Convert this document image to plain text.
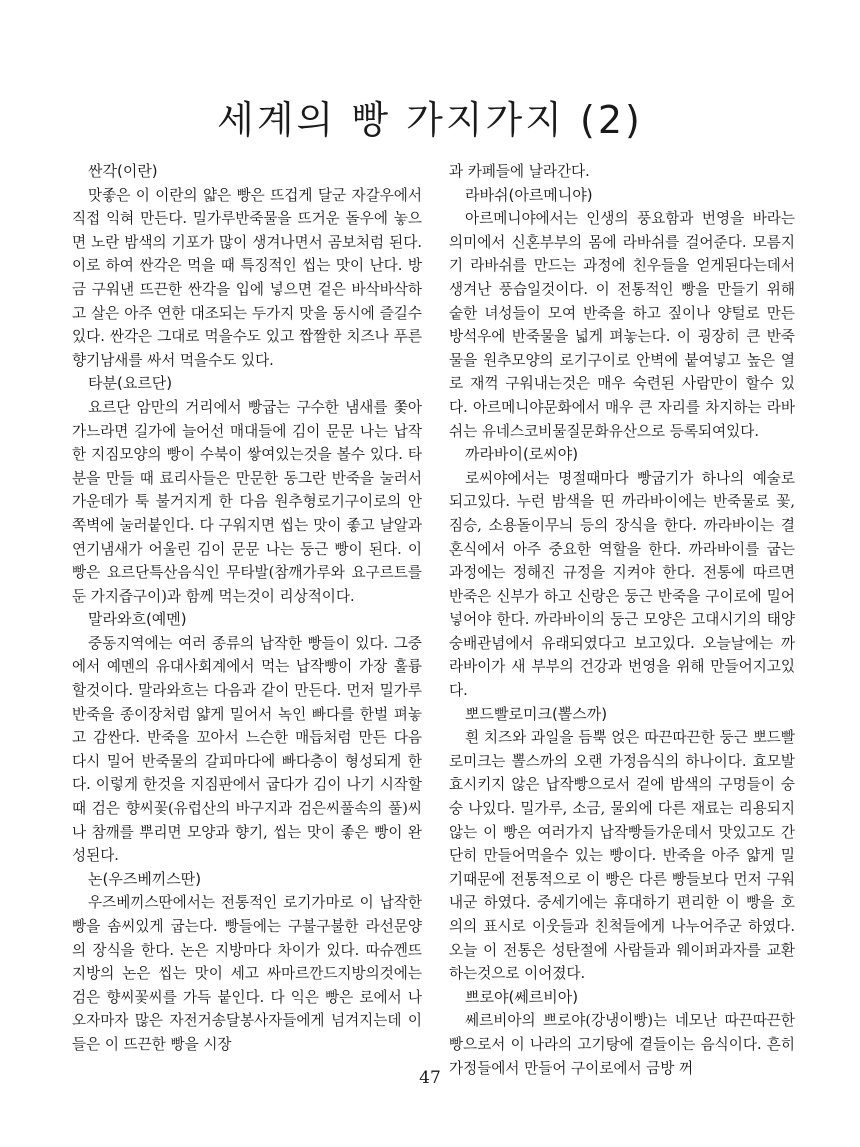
세계의 빵 가지가지 (2)
싼각(이란)

맛좋은 이 이란의 얇은 빵은 뜨겁게 달군 자갈우에서 직접 익혀 만든다. 밀가루반죽물을 뜨거운 돌우에 놓으면 노란 밤색의 기포가 많이 생겨나면서 곰보처럼 된다. 이로 하여 싼각은 먹을 때 특징적인 씹는 맛이 난다. 방금 구워낸 뜨끈한 싼각을 입에 넣으면 겉은 바삭바삭하고 살은 아주 연한 대조되는 두가지 맛을 동시에 즐길수 있다. 싼각은 그대로 먹을수도 있고 짭짤한 치즈나 푸른 향기남새를 싸서 먹을수도 있다.

타분(요르단)

요르단 암만의 거리에서 빵굽는 구수한 냄새를 쫓아가느라면 길가에 늘어선 매대들에 김이 문문 나는 납작한 지짐모양의 빵이 수북이 쌓여있는것을 볼수 있다. 타분을 만들 때 료리사들은 만문한 동그란 반죽을 눌러서 가운데가 툭 불거지게 한 다음 원추형로기구이로의 안쪽벽에 눌러붙인다. 다 구워지면 씹는 맛이 좋고 날알과 연기냄새가 어울린 김이 문문 나는 둥근 빵이 된다. 이 빵은 요르단특산음식인 무타발(참깨가루와 요구르트를 둔 가지즙구이)과 함께 먹는것이 리상적이다.

말라와흐(예멘)

중동지역에는 여러 종류의 납작한 빵들이 있다. 그중에서 예멘의 유대사회계에서 먹는 납작빵이 가장 훌륭할것이다. 말라와흐는 다음과 같이 만든다. 먼저 밀가루반죽을 종이장처럼 얇게 밀어서 녹인 빠다를 한벌 펴놓고 감싼다. 반죽을 꼬아서 느슨한 매듭처럼 만든 다음 다시 밀어 반죽물의 갈피마다에 빠다층이 형성되게 한다. 이렇게 한것을 지짐판에서 굽다가 김이 나기 시작할 때 검은 향씨꽃(유럽산의 바구지과 검은씨풀속의 풀)씨나 참깨를 뿌리면 모양과 향기, 씹는 맛이 좋은 빵이 완성된다.

논(우즈베끼스딴)

우즈베끼스딴에서는 전통적인 로기가마로 이 납작한 빵을 솜씨있게 굽는다. 빵들에는 구불구불한 라선문양의 장식을 한다. 논은 지방마다 차이가 있다. 따슈껜뜨지방의 논은 씹는 맛이 세고 싸마르깐드지방의것에는 검은 향씨꽃씨를 가득 붙인다. 다 익은 빵은 로에서 나오자마자 많은 자전거송달봉사자들에게 넘겨지는데 이들은 이 뜨끈한 빵을 시장

과 카페들에 날라간다.

라바쉬(아르메니야)

아르메니야에서는 인생의 풍요함과 번영을 바라는 의미에서 신혼부부의 몸에 라바쉬를 걸어준다. 모름지기 라바쉬를 만드는 과정에 친우들을 얻게된다는데서 생겨난 풍습일것이다. 이 전통적인 빵을 만들기 위해 숱한 녀성들이 모여 반죽을 하고 짚이나 양털로 만든 방석우에 반죽물을 넓게 펴놓는다. 이 굉장히 큰 반죽물을 원추모양의 로기구이로 안벽에 붙여넣고 높은 열로 재꺽 구워내는것은 매우 숙련된 사람만이 할수 있다. 아르메니야문화에서 매우 큰 자리를 차지하는 라바쉬는 유네스코비물질문화유산으로 등록되여있다.

까라바이(로씨야)

로씨야에서는 명절때마다 빵굽기가 하나의 예술로 되고있다. 누런 밤색을 띤 까라바이에는 반죽물로 꽃, 짐승, 소용돌이무늬 등의 장식을 한다. 까라바이는 결혼식에서 아주 중요한 역할을 한다. 까라바이를 굽는 과정에는 정해진 규정을 지켜야 한다. 전통에 따르면 반죽은 신부가 하고 신랑은 둥근 반죽을 구이로에 밀어넣어야 한다. 까라바이의 둥근 모양은 고대시기의 태양숭배관념에서 유래되였다고 보고있다. 오늘날에는 까라바이가 새 부부의 건강과 번영을 위해 만들어지고있다.

뽀드빨로미크(뽈스까)

흰 치즈와 과일을 듬뿍 얹은 따끈따끈한 둥근 뽀드빨로미크는 뽈스까의 오랜 가정음식의 하나이다. 효모발효시키지 않은 납작빵으로서 겉에 밤색의 구멍들이 숭숭 나있다. 밀가루, 소금, 물외에 다른 재료는 리용되지 않는 이 빵은 여러가지 납작빵들가운데서 맛있고도 간단히 만들어먹을수 있는 빵이다. 반죽을 아주 얇게 밀기때문에 전통적으로 이 빵은 다른 빵들보다 먼저 구워내군 하였다. 중세기에는 휴대하기 편리한 이 빵을 호의의 표시로 이웃들과 친척들에게 나누어주군 하였다. 오늘 이 전통은 성탄절에 사람들과 웨이퍼과자를 교환하는것으로 이어졌다.

쁘로야(쎄르비아)

쎄르비아의 쁘로야(강냉이빵)는 네모난 따끈따끈한 빵으로서 이 나라의 고기탕에 곁들이는 음식이다. 흔히 가정들에서 만들어 구이로에서 금방 꺼

47
